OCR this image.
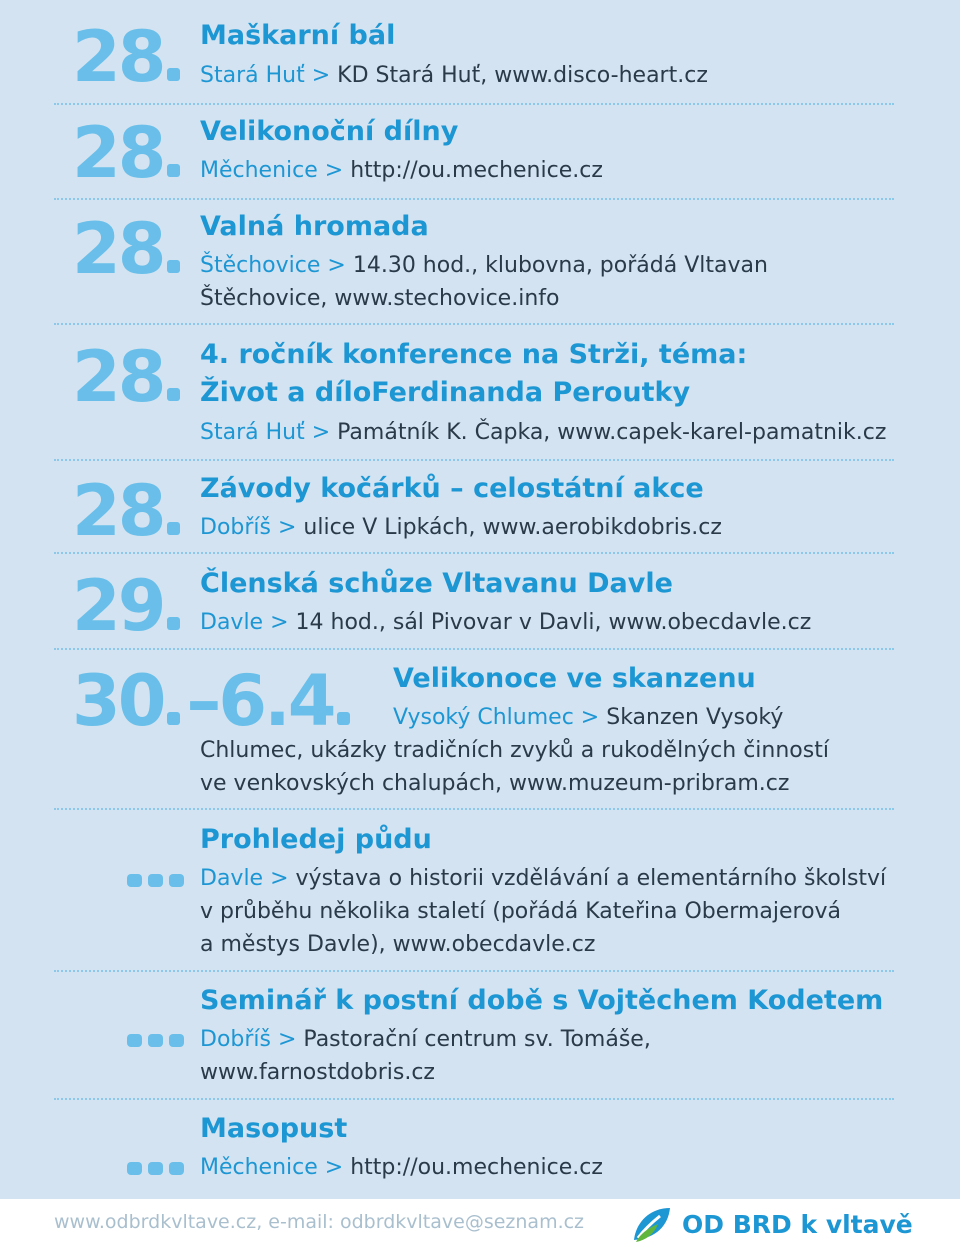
28	Maškarní bál
Stará Huť > KD Stará Huť, www.disco-heart.cz
28	Velikonoční dílny
Měchenice > http://ou.mechenice.cz
28	Valná hromada
Štěchovice > 14.30 hod., klubovna, pořádá Vltavan
Štěchovice, www.stechovice.info
28	4. ročník konference na Strži, téma:
Život a díloFerdinanda Peroutky
Stará Huť > Památník K. Čapka, www.capek-karel-pamatnik.cz
28	Závody kočárků – celostátní akce
Dobříš > ulice V Lipkách, www.aerobikdobris.cz
29	Členská schůze Vltavanu Davle
Davle > 14 hod., sál Pivovar v Davli, www.obecdavle.cz
30 –6.4	Velikonoce ve skanzenu
Vysoký Chlumec > Skanzen Vysoký
Chlumec, ukázky tradičních zvyků a rukodělných činností
ve venkovských chalupách, www.muzeum-pribram.cz
Prohledej půdu
Davle > výstava o historii vzdělávání a elementárního školství
v průběhu několika staletí (pořádá Kateřina Obermajerová
a městys Davle), www.obecdavle.cz
Seminář k postní době s Vojtěchem Kodetem
Dobříš > Pastorační centrum sv. Tomáše,
www.farnostdobris.cz
Masopust
Měchenice > http://ou.mechenice.cz
www.odbrdkvltave.cz, e-mail: odbrdkvltave@seznam.cz	OD BRD k vltavě
